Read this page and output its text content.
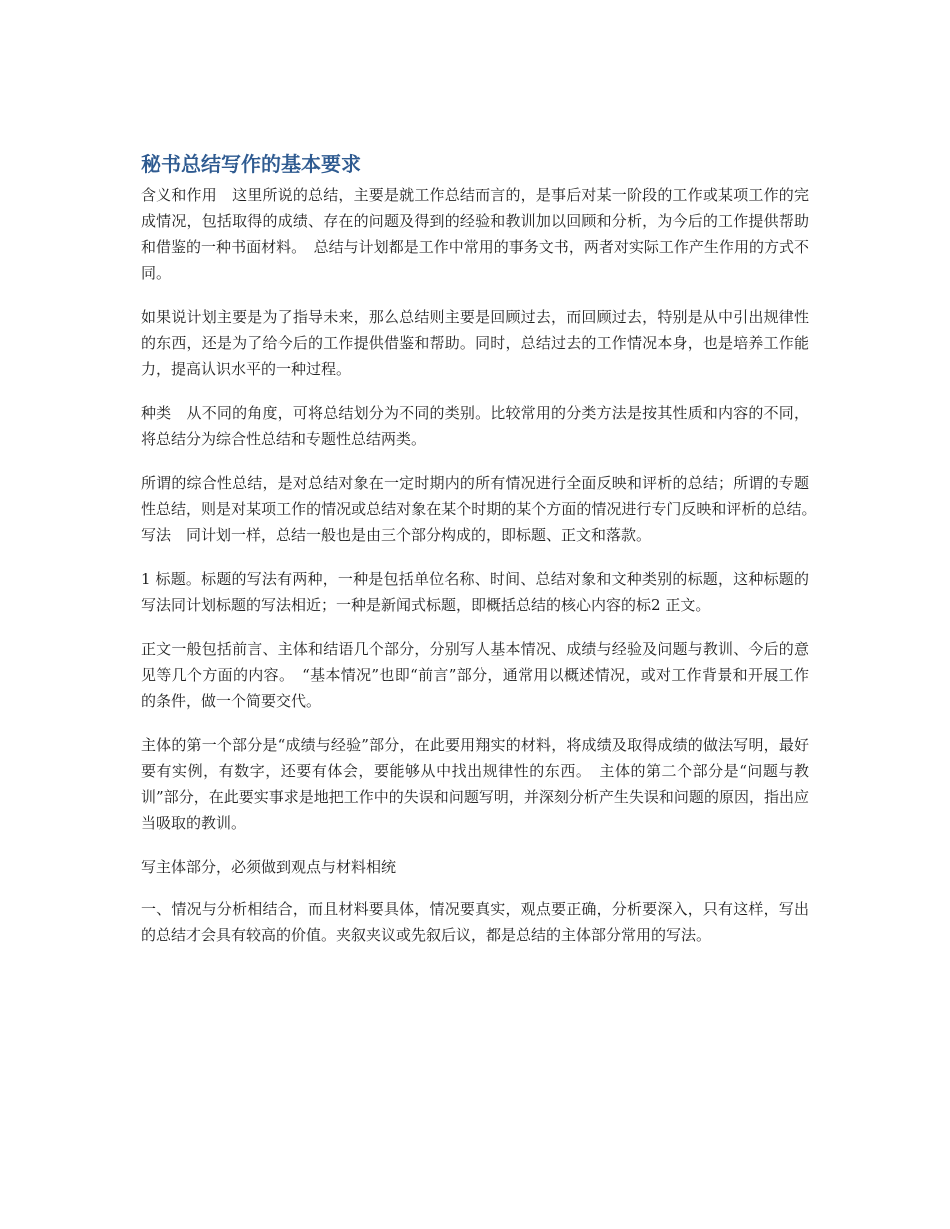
秘书总结写作的基本要求

含义和作用　这里所说的总结，主要是就工作总结而言的，是事后对某一阶段的工作或某项工作的完成情况，包括取得的成绩、存在的问题及得到的经验和教训加以回顾和分析，为今后的工作提供帮助和借鉴的一种书面材料。　总结与计划都是工作中常用的事务文书，两者对实际工作产生作用的方式不同。

如果说计划主要是为了指导未来，那么总结则主要是回顾过去，而回顾过去，特别是从中引出规律性的东西，还是为了给今后的工作提供借鉴和帮助。同时，总结过去的工作情况本身，也是培养工作能力，提高认识水平的一种过程。

种类　从不同的角度，可将总结划分为不同的类别。比较常用的分类方法是按其性质和内容的不同，将总结分为综合性总结和专题性总结两类。

所谓的综合性总结，是对总结对象在一定时期内的所有情况进行全面反映和评析的总结；所谓的专题性总结，则是对某项工作的情况或总结对象在某个时期的某个方面的情况进行专门反映和评析的总结。　写法　同计划一样，总结一般也是由三个部分构成的，即标题、正文和落款。

1 标题。标题的写法有两种，一种是包括单位名称、时间、总结对象和文种类别的标题，这种标题的写法同计划标题的写法相近；一种是新闻式标题，即概括总结的核心内容的标2 正文。

正文一般包括前言、主体和结语几个部分，分别写人基本情况、成绩与经验及问题与教训、今后的意见等几个方面的内容。　“基本情况”也即“前言”部分，通常用以概述情况，或对工作背景和开展工作的条件，做一个简要交代。

主体的第一个部分是“成绩与经验”部分，在此要用翔实的材料，将成绩及取得成绩的做法写明，最好要有实例，有数字，还要有体会，要能够从中找出规律性的东西。　主体的第二个部分是“问题与教训”部分，在此要实事求是地把工作中的失误和问题写明，并深刻分析产生失误和问题的原因，指出应当吸取的教训。

写主体部分，必须做到观点与材料相统

一、情况与分析相结合，而且材料要具体，情况要真实，观点要正确，分析要深入，只有这样，写出的总结才会具有较高的价值。夹叙夹议或先叙后议，都是总结的主体部分常用的写法。
